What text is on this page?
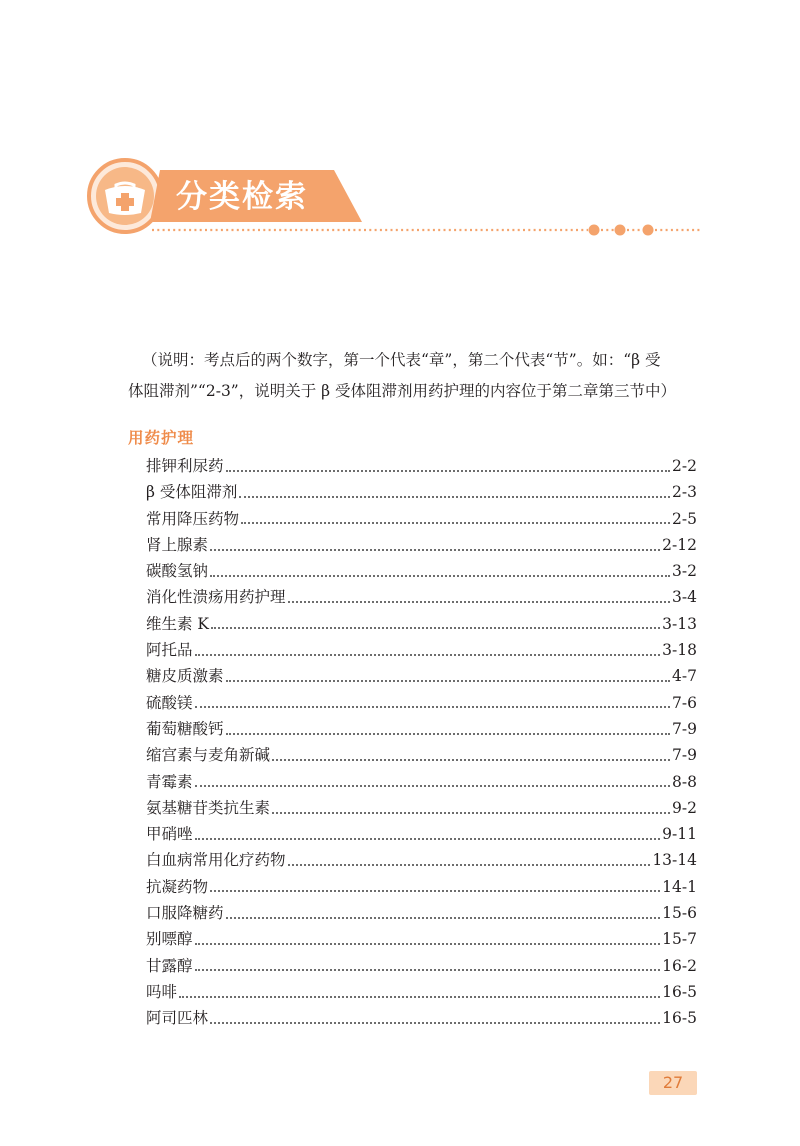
分类检索
（说明：考点后的两个数字，第一个代表“章”，第二个代表“节”。如：“β 受
体阻滞剂”“2-3”，说明关于 β 受体阻滞剂用药护理的内容位于第二章第三节中）
用药护理
排钾利尿药	2-2
β 受体阻滞剂	2-3
常用降压药物	2-5
肾上腺素	2-12
碳酸氢钠	3-2
消化性溃疡用药护理	3-4
维生素 K	3-13
阿托品	3-18
糖皮质激素	4-7
硫酸镁	7-6
葡萄糖酸钙	7-9
缩宫素与麦角新碱	7-9
青霉素	8-8
氨基糖苷类抗生素	9-2
甲硝唑	9-11
白血病常用化疗药物	13-14
抗凝药物	14-1
口服降糖药	15-6
别嘌醇	15-7
甘露醇	16-2
吗啡	16-5
阿司匹林	16-5
27
